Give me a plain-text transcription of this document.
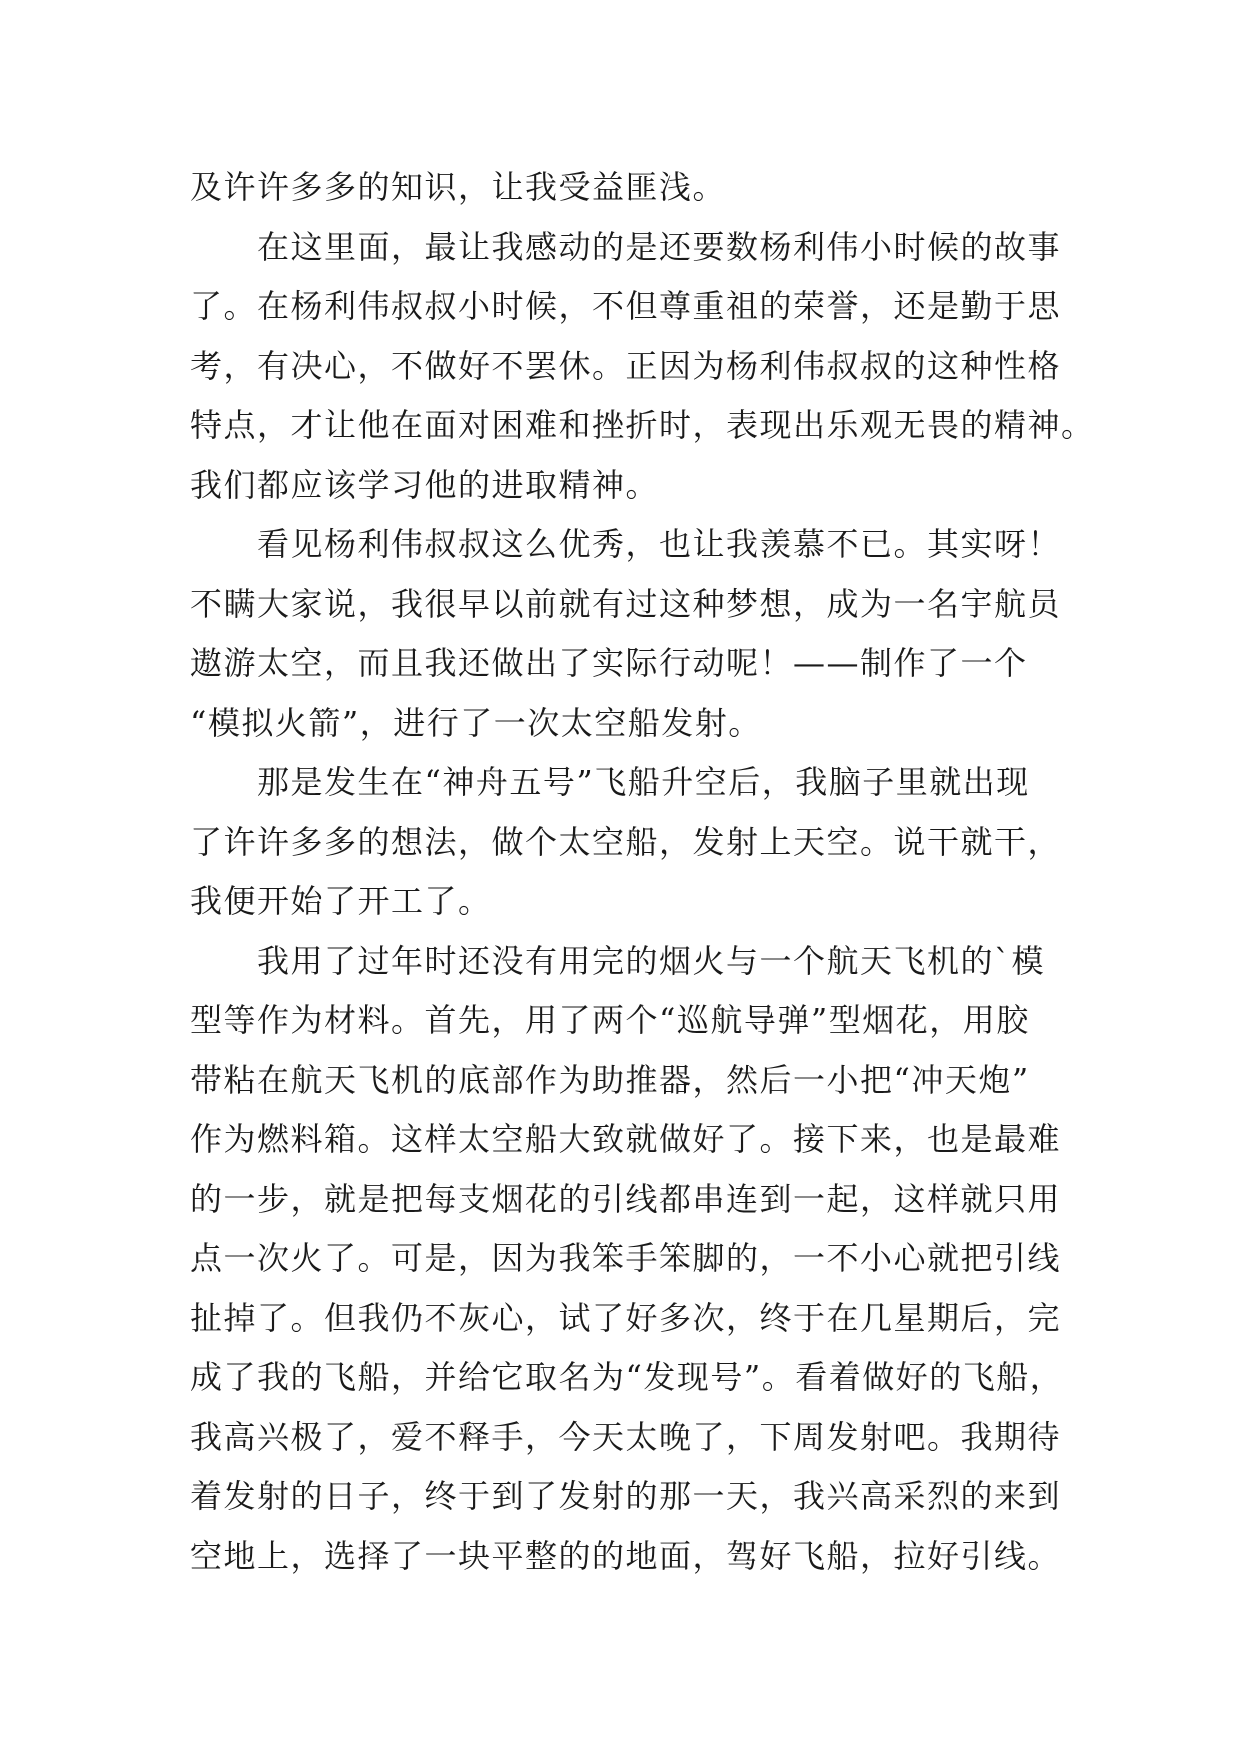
及许许多多的知识，让我受益匪浅。
　　在这里面，最让我感动的是还要数杨利伟小时候的故事
了。在杨利伟叔叔小时候，不但尊重祖的荣誉，还是勤于思
考，有决心，不做好不罢休。正因为杨利伟叔叔的这种性格
特点，才让他在面对困难和挫折时，表现出乐观无畏的精神。
我们都应该学习他的进取精神。
　　看见杨利伟叔叔这么优秀，也让我羡慕不已。其实呀！
不瞒大家说，我很早以前就有过这种梦想，成为一名宇航员
遨游太空，而且我还做出了实际行动呢！——制作了一个
“模拟火箭”，进行了一次太空船发射。
　　那是发生在“神舟五号”飞船升空后，我脑子里就出现
了许许多多的想法，做个太空船，发射上天空。说干就干，
我便开始了开工了。
　　我用了过年时还没有用完的烟火与一个航天飞机的`模
型等作为材料。首先，用了两个“巡航导弹”型烟花，用胶
带粘在航天飞机的底部作为助推器，然后一小把“冲天炮”
作为燃料箱。这样太空船大致就做好了。接下来，也是最难
的一步，就是把每支烟花的引线都串连到一起，这样就只用
点一次火了。可是，因为我笨手笨脚的，一不小心就把引线
扯掉了。但我仍不灰心，试了好多次，终于在几星期后，完
成了我的飞船，并给它取名为“发现号”。看着做好的飞船，
我高兴极了，爱不释手，今天太晚了，下周发射吧。我期待
着发射的日子，终于到了发射的那一天，我兴高采烈的来到
空地上，选择了一块平整的的地面，驾好飞船，拉好引线。
